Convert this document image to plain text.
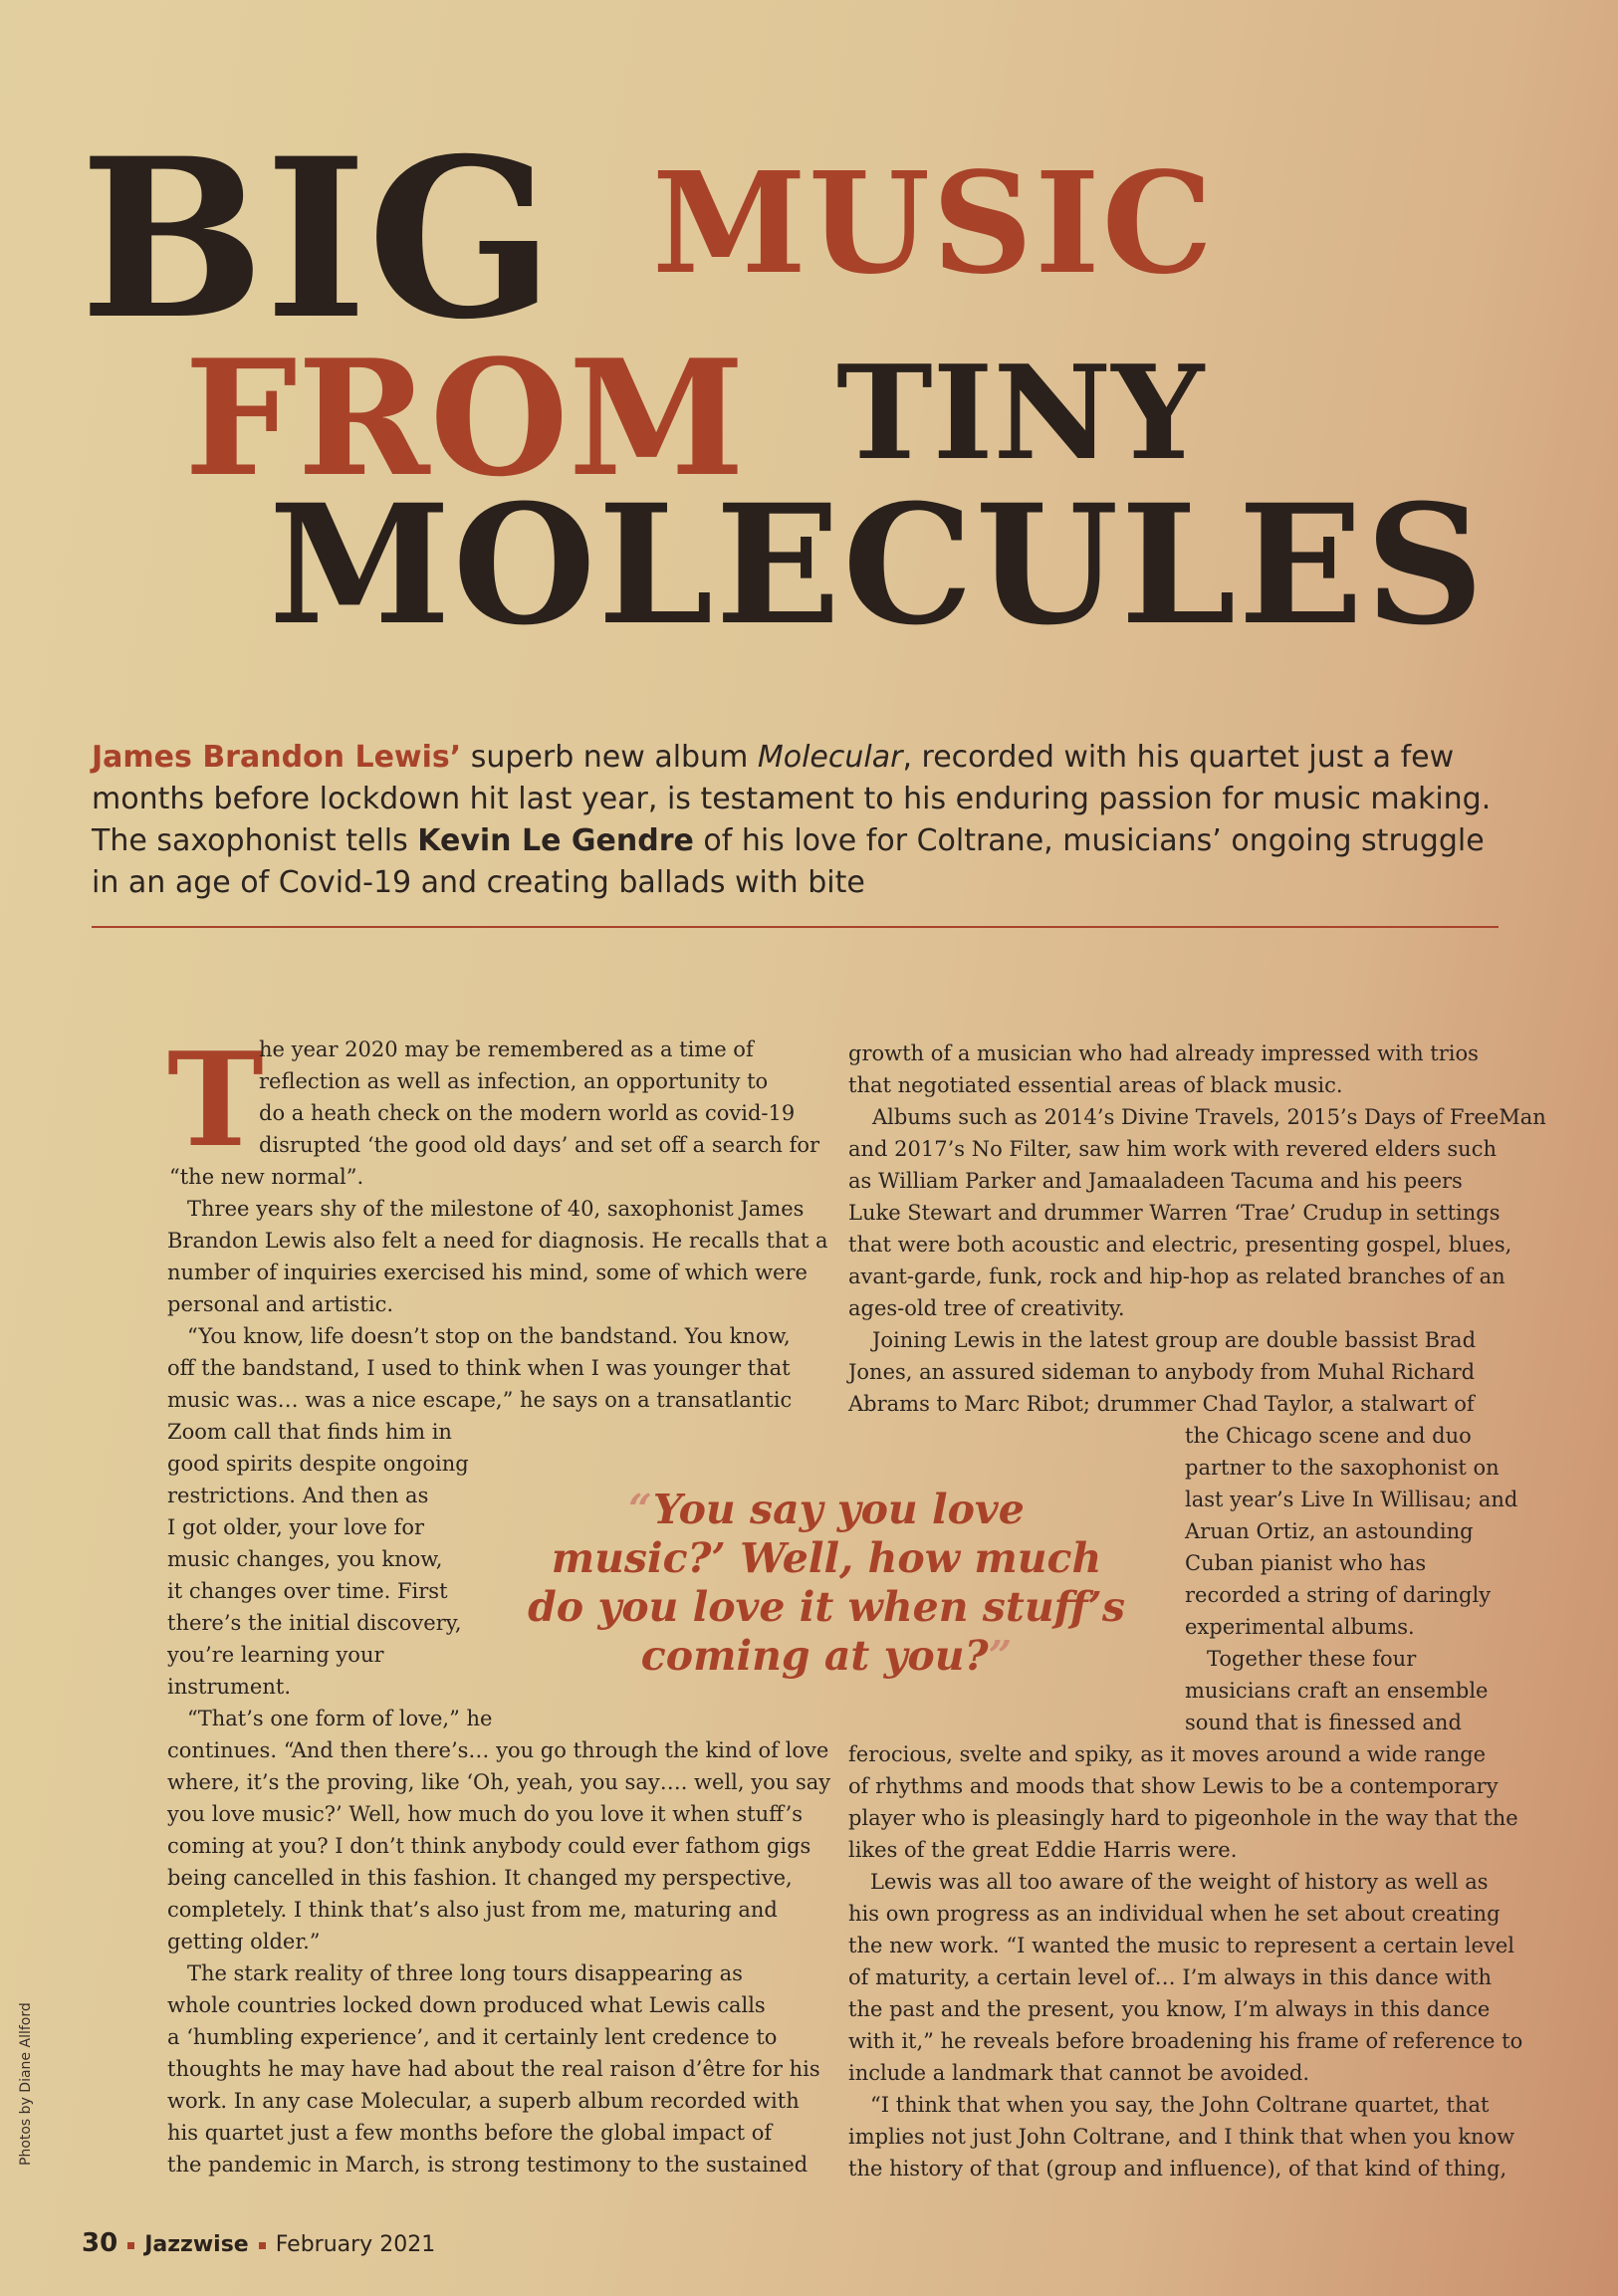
BIG MUSIC
FROM TINY
MOLECULES
James Brandon Lewis’ superb new album Molecular, recorded with his quartet just a few
months before lockdown hit last year, is testament to his enduring passion for music making.
The saxophonist tells Kevin Le Gendre of his love for Coltrane, musicians’ ongoing struggle
in an age of Covid-19 and creating ballads with bite
T
he year 2020 may be remembered as a time of
reflection as well as infection, an opportunity to
do a heath check on the modern world as covid-19
disrupted ‘the good old days’ and set off a search for
“the new normal”.
Three years shy of the milestone of 40, saxophonist James
Brandon Lewis also felt a need for diagnosis. He recalls that a
number of inquiries exercised his mind, some of which were
personal and artistic.
“You know, life doesn’t stop on the bandstand. You know,
off the bandstand, I used to think when I was younger that
music was… was a nice escape,” he says on a transatlantic
Zoom call that finds him in
good spirits despite ongoing
restrictions. And then as
I got older, your love for
music changes, you know,
it changes over time. First
there’s the initial discovery,
you’re learning your
instrument.
“That’s one form of love,” he
continues. “And then there’s… you go through the kind of love
where, it’s the proving, like ‘Oh, yeah, you say…. well, you say
you love music?’ Well, how much do you love it when stuff’s
coming at you? I don’t think anybody could ever fathom gigs
being cancelled in this fashion. It changed my perspective,
completely. I think that’s also just from me, maturing and
getting older.”
The stark reality of three long tours disappearing as
whole countries locked down produced what Lewis calls
a ‘humbling experience’, and it certainly lent credence to
thoughts he may have had about the real raison d’être for his
work. In any case Molecular, a superb album recorded with
his quartet just a few months before the global impact of
the pandemic in March, is strong testimony to the sustained
growth of a musician who had already impressed with trios
that negotiated essential areas of black music.
Albums such as 2014’s Divine Travels, 2015’s Days of FreeMan
and 2017’s No Filter, saw him work with revered elders such
as William Parker and Jamaaladeen Tacuma and his peers
Luke Stewart and drummer Warren ‘Trae’ Crudup in settings
that were both acoustic and electric, presenting gospel, blues,
avant-garde, funk, rock and hip-hop as related branches of an
ages-old tree of creativity.
Joining Lewis in the latest group are double bassist Brad
Jones, an assured sideman to anybody from Muhal Richard
Abrams to Marc Ribot; drummer Chad Taylor, a stalwart of
the Chicago scene and duo
partner to the saxophonist on
last year’s Live In Willisau; and
Aruan Ortiz, an astounding
Cuban pianist who has
recorded a string of daringly
experimental albums.
Together these four
musicians craft an ensemble
sound that is finessed and
ferocious, svelte and spiky, as it moves around a wide range
of rhythms and moods that show Lewis to be a contemporary
player who is pleasingly hard to pigeonhole in the way that the
likes of the great Eddie Harris were.
Lewis was all too aware of the weight of history as well as
his own progress as an individual when he set about creating
the new work. “I wanted the music to represent a certain level
of maturity, a certain level of… I’m always in this dance with
the past and the present, you know, I’m always in this dance
with it,” he reveals before broadening his frame of reference to
include a landmark that cannot be avoided.
“I think that when you say, the John Coltrane quartet, that
implies not just John Coltrane, and I think that when you know
the history of that (group and influence), of that kind of thing,
“You say you love
music?’ Well, how much
do you love it when stuff’s
coming at you?”
Photos by Diane Allford
30 Jazzwise February 2021
